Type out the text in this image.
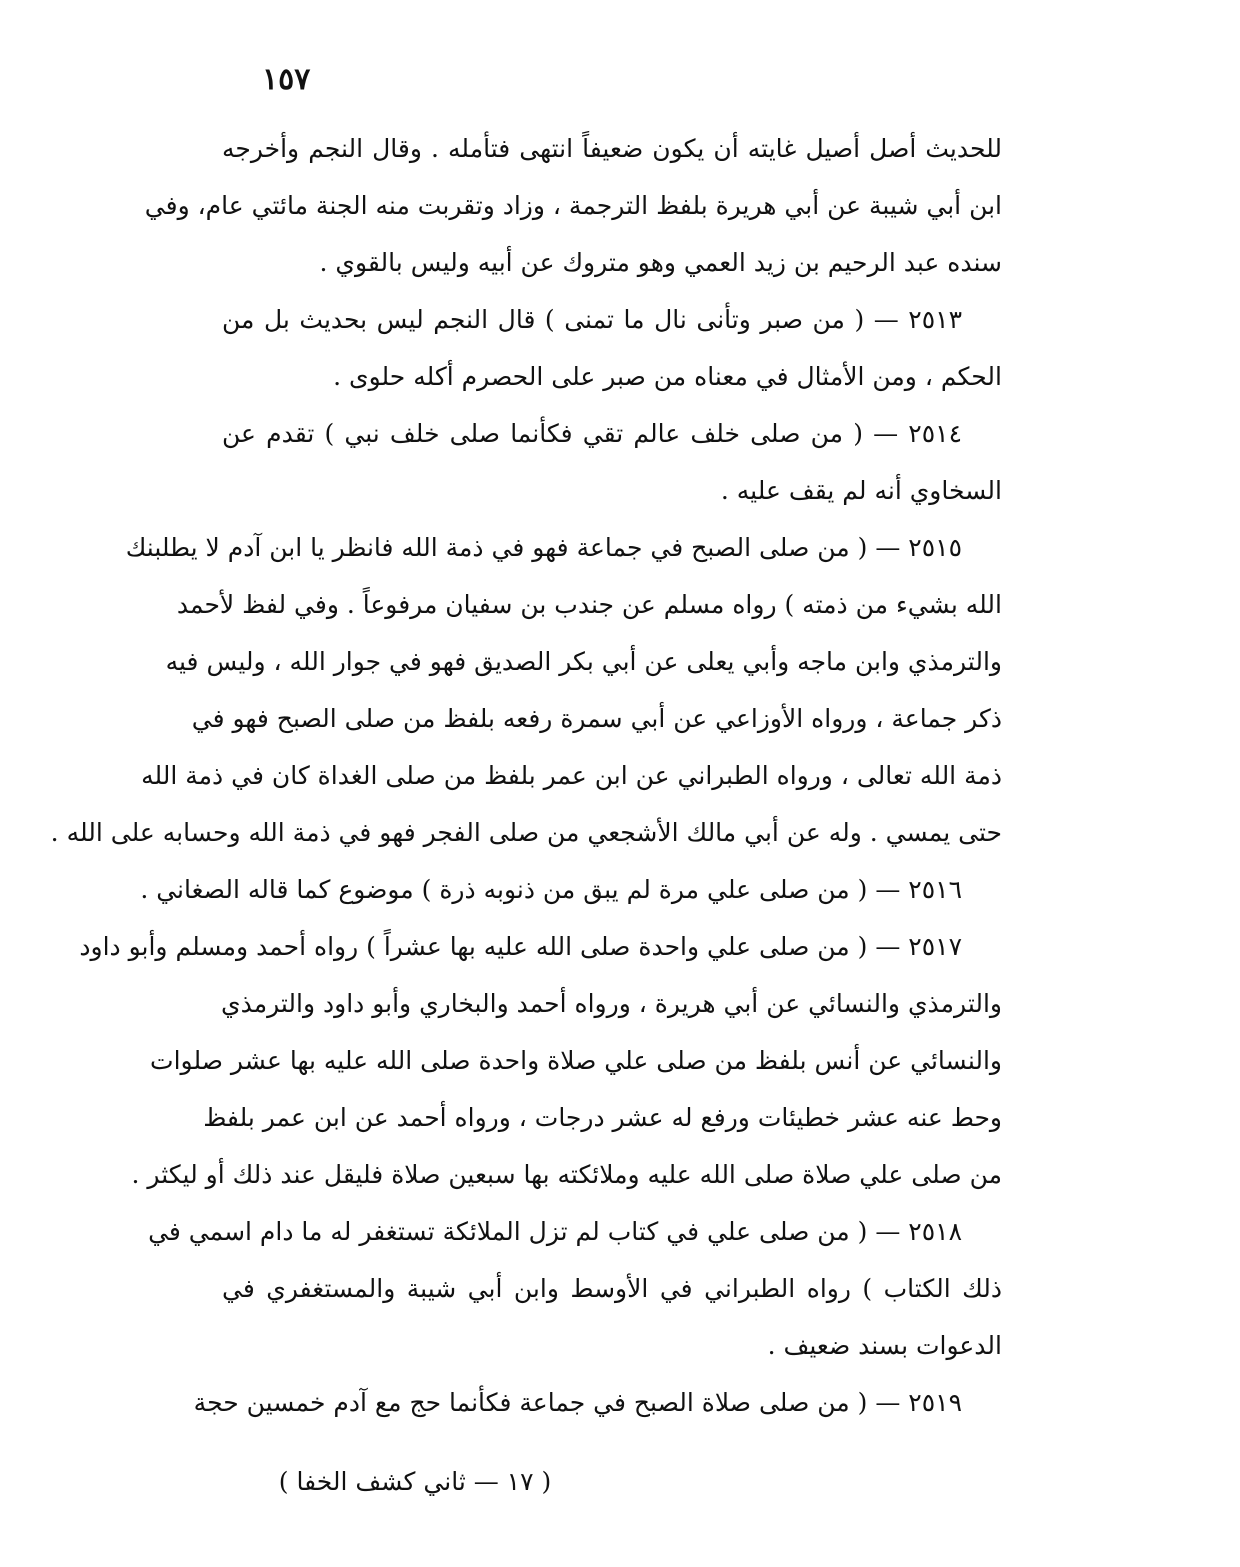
١٥٧
للحديث أصل أصيل غايته أن يكون ضعيفاً انتهى فتأمله . وقال النجم وأخرجه
ابن أبي شيبة عن أبي هريرة بلفظ الترجمة ، وزاد وتقربت منه الجنة مائتي عام، وفي
سنده عبد الرحيم بن زيد العمي وهو متروك عن أبيه وليس بالقوي .
٢٥١٣ — ( من صبر وتأنى نال ما تمنى ) قال النجم ليس بحديث بل من
الحكم ، ومن الأمثال في معناه من صبر على الحصرم أكله حلوى .
٢٥١٤ — ( من صلى خلف عالم تقي فكأنما صلى خلف نبي ) تقدم عن
السخاوي أنه لم يقف عليه .
٢٥١٥ — ( من صلى الصبح في جماعة فهو في ذمة الله فانظر يا ابن آدم لا يطلبنك
الله بشيء من ذمته ) رواه مسلم عن جندب بن سفيان مرفوعاً . وفي لفظ لأحمد
والترمذي وابن ماجه وأبي يعلى عن أبي بكر الصديق فهو في جوار الله ، وليس فيه
ذكر جماعة ، ورواه الأوزاعي عن أبي سمرة رفعه بلفظ من صلى الصبح فهو في
ذمة الله تعالى ، ورواه الطبراني عن ابن عمر بلفظ من صلى الغداة كان في ذمة الله
حتى يمسي . وله عن أبي مالك الأشجعي من صلى الفجر فهو في ذمة الله وحسابه على الله .
٢٥١٦ — ( من صلى علي مرة لم يبق من ذنوبه ذرة ) موضوع كما قاله الصغاني .
٢٥١٧ — ( من صلى علي واحدة صلى الله عليه بها عشراً ) رواه أحمد ومسلم وأبو داود
والترمذي والنسائي عن أبي هريرة ، ورواه أحمد والبخاري وأبو داود والترمذي
والنسائي عن أنس بلفظ من صلى علي صلاة واحدة صلى الله عليه بها عشر صلوات
وحط عنه عشر خطيئات ورفع له عشر درجات ، ورواه أحمد عن ابن عمر بلفظ
من صلى علي صلاة صلى الله عليه وملائكته بها سبعين صلاة فليقل عند ذلك أو ليكثر .
٢٥١٨ — ( من صلى علي في كتاب لم تزل الملائكة تستغفر له ما دام اسمي في
ذلك الكتاب ) رواه الطبراني في الأوسط وابن أبي شيبة والمستغفري في
الدعوات بسند ضعيف .
٢٥١٩ — ( من صلى صلاة الصبح في جماعة فكأنما حج مع آدم خمسين حجة
( ١٧ — ثاني كشف الخفا )
